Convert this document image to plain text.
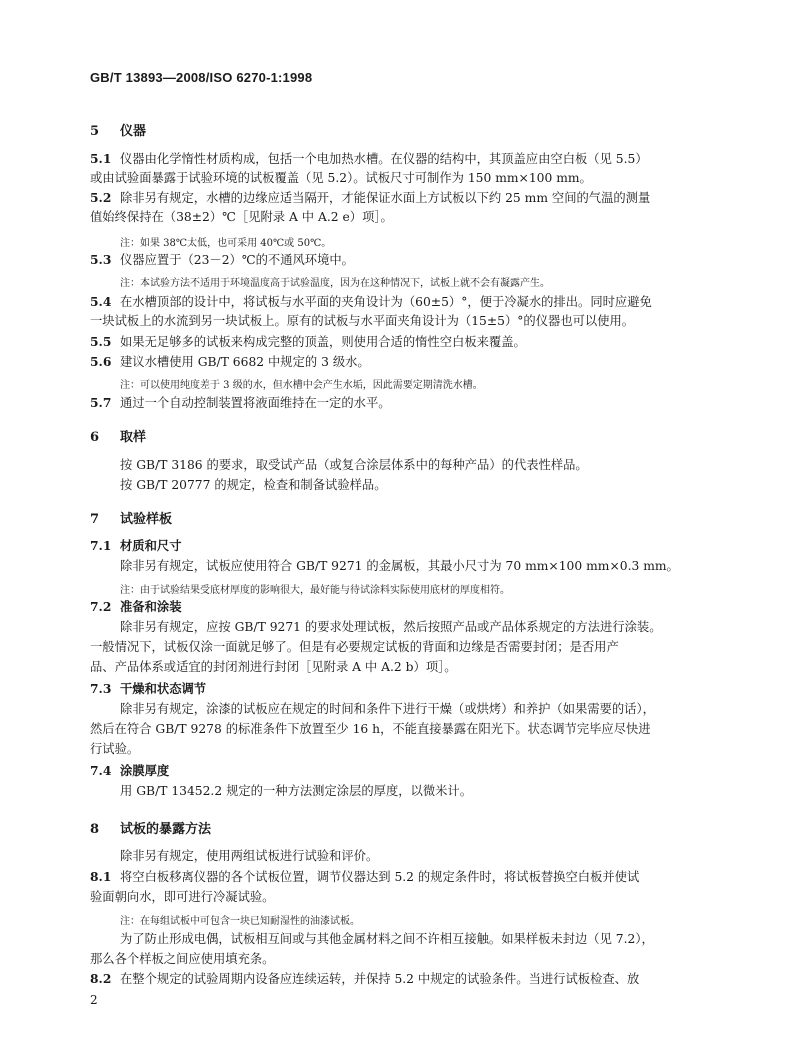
GB/T 13893—2008/ISO 6270-1:1998
5 仪器
5.1 仪器由化学惰性材质构成，包括一个电加热水槽。在仪器的结构中，其顶盖应由空白板（见 5.5）
或由试验面暴露于试验环境的试板覆盖（见 5.2）。试板尺寸可制作为 150 mm×100 mm。
5.2 除非另有规定，水槽的边缘应适当隔开，才能保证水面上方试板以下约 25 mm 空间的气温的测量
值始终保持在（38±2）℃［见附录 A 中 A.2 e）项］。
注：如果 38℃太低，也可采用 40℃或 50℃。
5.3 仪器应置于（23－2）℃的不通风环境中。
注：本试验方法不适用于环境温度高于试验温度，因为在这种情况下，试板上就不会有凝露产生。
5.4 在水槽顶部的设计中，将试板与水平面的夹角设计为（60±5）°，便于冷凝水的排出。同时应避免
一块试板上的水流到另一块试板上。原有的试板与水平面夹角设计为（15±5）°的仪器也可以使用。
5.5 如果无足够多的试板来构成完整的顶盖，则使用合适的惰性空白板来覆盖。
5.6 建议水槽使用 GB/T 6682 中规定的 3 级水。
注：可以使用纯度差于 3 级的水，但水槽中会产生水垢，因此需要定期清洗水槽。
5.7 通过一个自动控制装置将液面维持在一定的水平。
6 取样
按 GB/T 3186 的要求，取受试产品（或复合涂层体系中的每种产品）的代表性样品。
按 GB/T 20777 的规定，检查和制备试验样品。
7 试验样板
7.1 材质和尺寸
除非另有规定，试板应使用符合 GB/T 9271 的金属板，其最小尺寸为 70 mm×100 mm×0.3 mm。
注：由于试验结果受底材厚度的影响很大，最好能与待试涂料实际使用底材的厚度相符。
7.2 准备和涂装
除非另有规定，应按 GB/T 9271 的要求处理试板，然后按照产品或产品体系规定的方法进行涂装。
一般情况下，试板仅涂一面就足够了。但是有必要规定试板的背面和边缘是否需要封闭；是否用产
品、产品体系或适宜的封闭剂进行封闭［见附录 A 中 A.2 b）项］。
7.3 干燥和状态调节
除非另有规定，涂漆的试板应在规定的时间和条件下进行干燥（或烘烤）和养护（如果需要的话），
然后在符合 GB/T 9278 的标准条件下放置至少 16 h，不能直接暴露在阳光下。状态调节完毕应尽快进
行试验。
7.4 涂膜厚度
用 GB/T 13452.2 规定的一种方法测定涂层的厚度，以微米计。
8 试板的暴露方法
除非另有规定，使用两组试板进行试验和评价。
8.1 将空白板移离仪器的各个试板位置，调节仪器达到 5.2 的规定条件时，将试板替换空白板并使试
验面朝向水，即可进行冷凝试验。
注：在每组试板中可包含一块已知耐湿性的油漆试板。
为了防止形成电偶，试板相互间或与其他金属材料之间不许相互接触。如果样板未封边（见 7.2），
那么各个样板之间应使用填充条。
8.2 在整个规定的试验周期内设备应连续运转，并保持 5.2 中规定的试验条件。当进行试板检查、放
2
